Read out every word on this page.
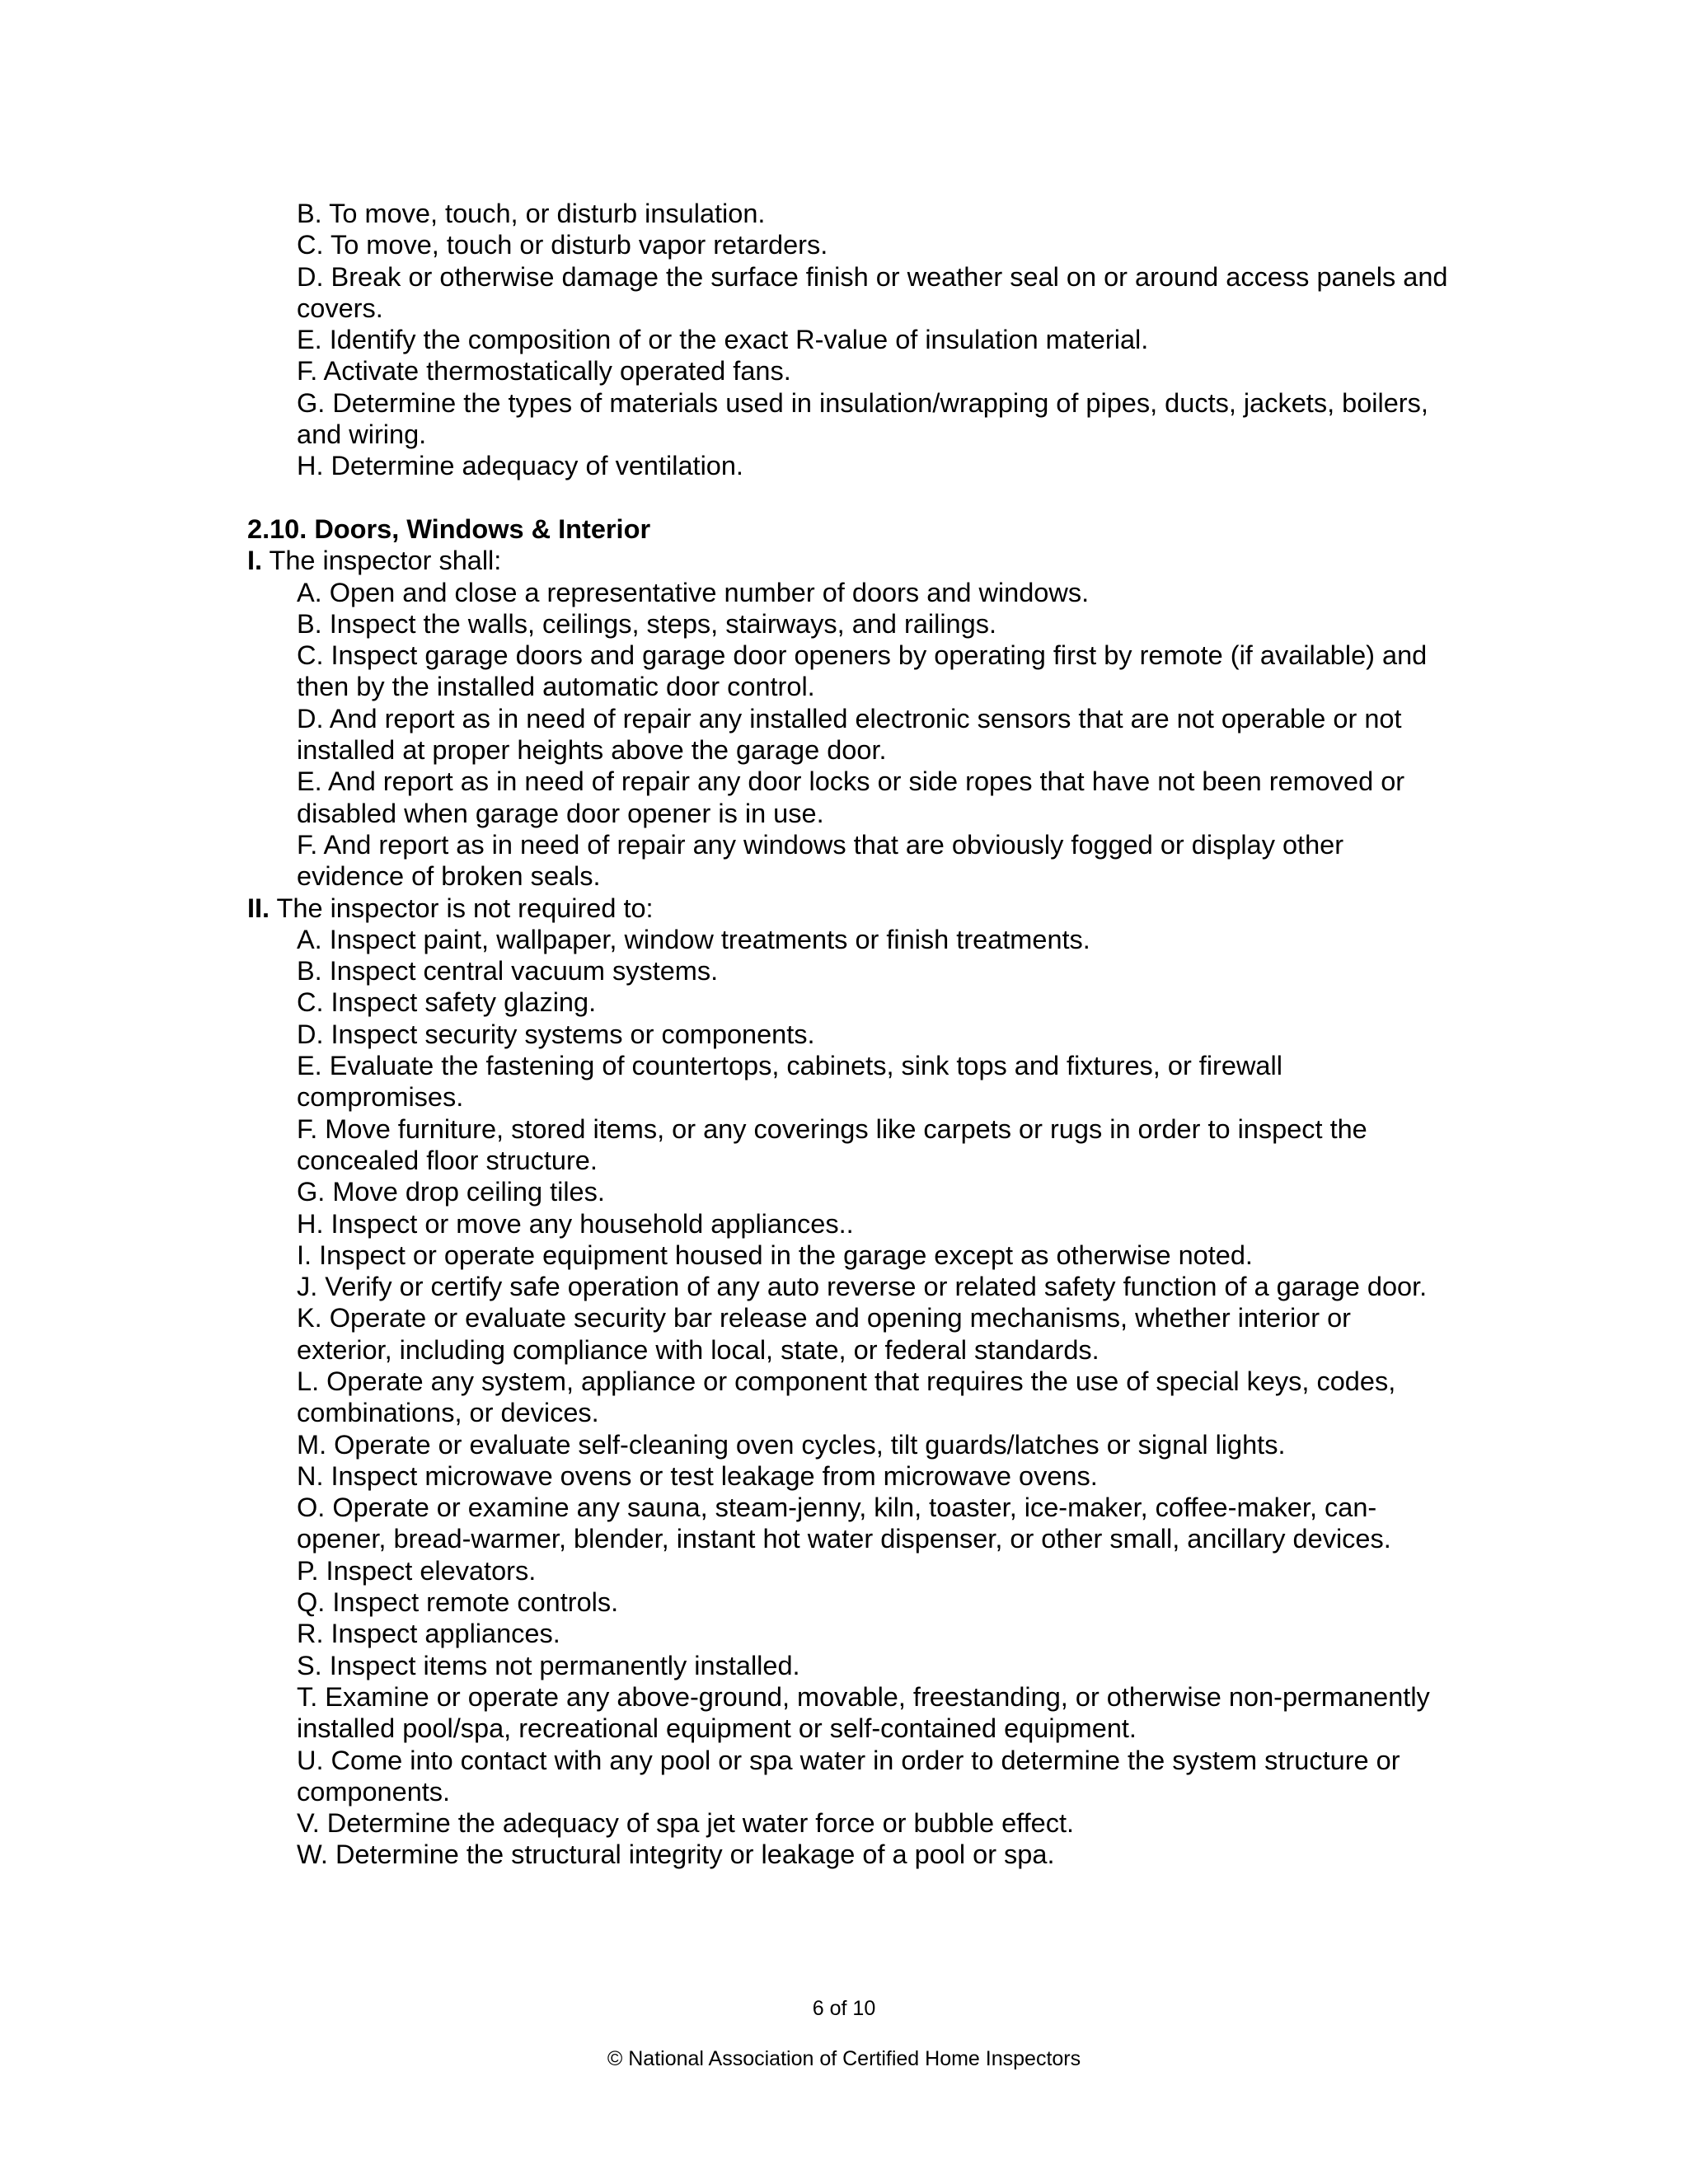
B. To move, touch, or disturb insulation.

C. To move, touch or disturb vapor retarders.

D. Break or otherwise damage the surface finish or weather seal on or around access panels and covers.

E. Identify the composition of or the exact R-value of insulation material.

F. Activate thermostatically operated fans.

G. Determine the types of materials used in insulation/wrapping of pipes, ducts, jackets, boilers, and wiring.

H. Determine adequacy of ventilation.

2.10. Doors, Windows & Interior

I. The inspector shall:

A. Open and close a representative number of doors and windows.

B. Inspect the walls, ceilings, steps, stairways, and railings.

C. Inspect garage doors and garage door openers by operating first by remote (if available) and then by the installed automatic door control.

D. And report as in need of repair any installed electronic sensors that are not operable or not installed at proper heights above the garage door.

E. And report as in need of repair any door locks or side ropes that have not been removed or disabled when garage door opener is in use.

F. And report as in need of repair any windows that are obviously fogged or display other evidence of broken seals.

II. The inspector is not required to:

A. Inspect paint, wallpaper, window treatments or finish treatments.

B. Inspect central vacuum systems.

C. Inspect safety glazing.

D. Inspect security systems or components.

E. Evaluate the fastening of countertops, cabinets, sink tops and fixtures, or firewall compromises.

F. Move furniture, stored items, or any coverings like carpets or rugs in order to inspect the concealed floor structure.

G. Move drop ceiling tiles.

H. Inspect or move any household appliances..

I. Inspect or operate equipment housed in the garage except as otherwise noted.

J. Verify or certify safe operation of any auto reverse or related safety function of a garage door.

K. Operate or evaluate security bar release and opening mechanisms, whether interior or exterior, including compliance with local, state, or federal standards.

L. Operate any system, appliance or component that requires the use of special keys, codes, combinations, or devices.

M. Operate or evaluate self-cleaning oven cycles, tilt guards/latches or signal lights.

N. Inspect microwave ovens or test leakage from microwave ovens.

O. Operate or examine any sauna, steam-jenny, kiln, toaster, ice-maker, coffee-maker, can-opener, bread-warmer, blender, instant hot water dispenser, or other small, ancillary devices.

P. Inspect elevators.

Q. Inspect remote controls.

R. Inspect appliances.

S. Inspect items not permanently installed.

T. Examine or operate any above-ground, movable, freestanding, or otherwise non-permanently installed pool/spa, recreational equipment or self-contained equipment.

U. Come into contact with any pool or spa water in order to determine the system structure or components.

V. Determine the adequacy of spa jet water force or bubble effect.

W. Determine the structural integrity or leakage of a pool or spa.

6 of 10
© National Association of Certified Home Inspectors
